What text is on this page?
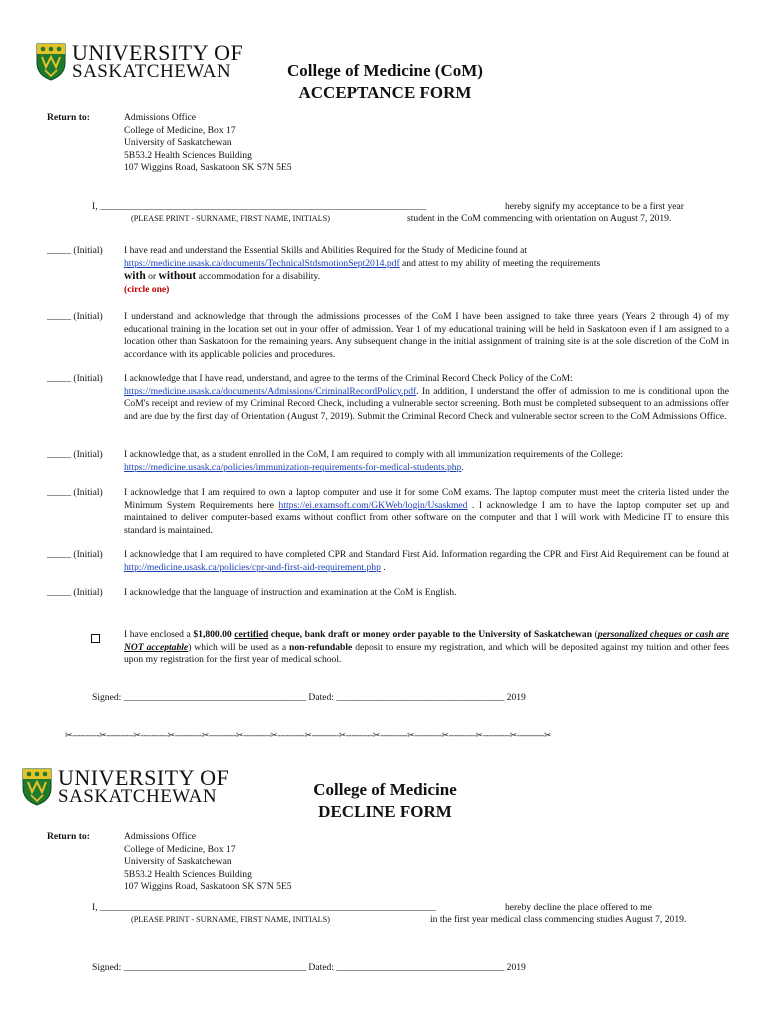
UNIVERSITY OF
SASKATCHEWAN	College of Medicine (CoM)
ACCEPTANCE FORM
Return to:	Admissions Office
College of Medicine, Box 17
University of Saskatchewan
5B53.2 Health Sciences Building
107 Wiggins Road, Saskatoon SK S7N 5E5
I, ____________________________________________________________________
(PLEASE PRINT - SURNAME, FIRST NAME, INITIALS)
hereby signify my acceptance to be a first year
student in the CoM commencing with orientation on August 7, 2019.
_____ (Initial) I have read and understand the Essential Skills and Abilities Required for the Study of Medicine found at
https://medicine.usask.ca/documents/TechnicalStdsmotionSept2014.pdf and attest to my ability of meeting the requirements
with or without accommodation for a disability.
(circle one)
_____ (Initial) I understand and acknowledge that through the admissions processes of the CoM I have been assigned to take three years (Years 2 through 4) of my educational training in the location set out in your offer of admission. Year 1 of my educational training will be held in Saskatoon even if I am assigned to a location other than Saskatoon for the remaining years. Any subsequent change in the initial assignment of training site is at the sole discretion of the CoM in accordance with its applicable policies and procedures.
_____ (Initial) I acknowledge that I have read, understand, and agree to the terms of the Criminal Record Check Policy of the CoM:
https://medicine.usask.ca/documents/Admissions/CriminalRecordPolicy.pdf. In addition, I understand the offer of admission to me is conditional upon the CoM's receipt and review of my Criminal Record Check, including a vulnerable sector screening. Both must be completed subsequent to an admissions offer and are due by the first day of Orientation (August 7, 2019). Submit the Criminal Record Check and vulnerable sector screen to the CoM Admissions Office.
_____ (Initial) I acknowledge that, as a student enrolled in the CoM, I am required to comply with all immunization requirements of the College:
https://medicine.usask.ca/policies/immunization-requirements-for-medical-students.php.
_____ (Initial) I acknowledge that I am required to own a laptop computer and use it for some CoM exams. The laptop computer must meet the criteria listed under the Minimum System Requirements here https://ei.examsoft.com/GKWeb/login/Usaskmed . I acknowledge I am to have the laptop computer set up and maintained to deliver computer-based exams without conflict from other software on the computer and that I will work with Medicine IT to ensure this standard is maintained.
_____ (Initial) I acknowledge that I am required to have completed CPR and Standard First Aid. Information regarding the CPR and First Aid Requirement can be found at http://medicine.usask.ca/policies/cpr-and-first-aid-requirement.php .
_____ (Initial) I acknowledge that the language of instruction and examination at the CoM is English.
I have enclosed a $1,800.00 certified cheque, bank draft or money order payable to the University of Saskatchewan (personalized cheques or cash are NOT acceptable) which will be used as a non-refundable deposit to ensure my registration, and which will be deposited against my tuition and other fees upon my registration for the first year of medical school.
Signed: ______________________________________ Dated: ___________________________________ 2019
✂----------✂----------✂----------✂----------✂----------✂----------✂----------✂----------✂----------✂----------✂----------✂----------✂----------✂----------✂
UNIVERSITY OF
SASKATCHEWAN	College of Medicine
DECLINE FORM
Return to:	Admissions Office
College of Medicine, Box 17
University of Saskatchewan
5B53.2 Health Sciences Building
107 Wiggins Road, Saskatoon SK S7N 5E5
I, ______________________________________________________________________
(PLEASE PRINT - SURNAME, FIRST NAME, INITIALS)
hereby decline the place offered to me
in the first year medical class commencing studies August 7, 2019.
Signed: ______________________________________ Dated: ___________________________________ 2019
